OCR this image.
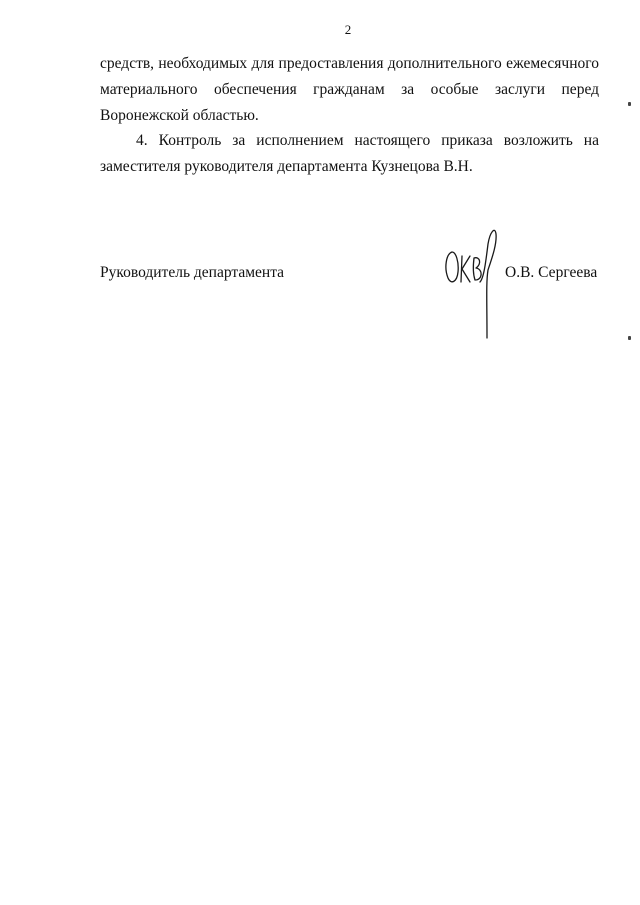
2
средств, необходимых для предоставления дополнительного ежемесячного
материального обеспечения гражданам за особые заслуги перед
Воронежской областью.
4. Контроль за исполнением настоящего приказа возложить на
заместителя руководителя департамента Кузнецова В.Н.
Руководитель департамента	О.В. Сергеева
